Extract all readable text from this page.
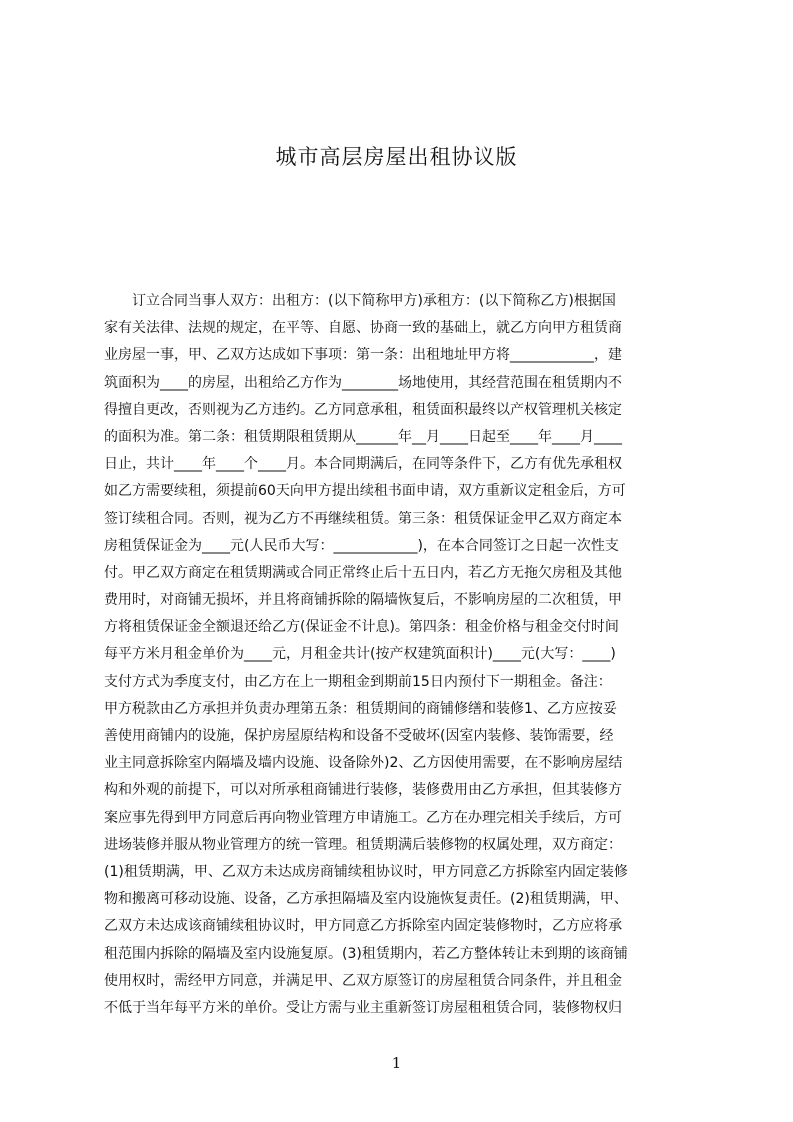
城市高层房屋出租协议版
　　订立合同当事人双方：出租方：(以下简称甲方)承租方：(以下简称乙方)根据国
家有关法律、法规的规定，在平等、自愿、协商一致的基础上，就乙方向甲方租赁商
业房屋一事，甲、乙双方达成如下事项：第一条：出租地址甲方将____________，建
筑面积为____的房屋，出租给乙方作为________场地使用，其经营范围在租赁期内不
得擅自更改，否则视为乙方违约。乙方同意承租，租赁面积最终以产权管理机关核定
的面积为准。第二条：租赁期限租赁期从______年__月____日起至____年____月____
日止，共计____年____个____月。本合同期满后，在同等条件下，乙方有优先承租权
如乙方需要续租，须提前60天向甲方提出续租书面申请，双方重新议定租金后，方可
签订续租合同。否则，视为乙方不再继续租赁。第三条：租赁保证金甲乙双方商定本
房租赁保证金为____元(人民币大写：____________)，在本合同签订之日起一次性支
付。甲乙双方商定在租赁期满或合同正常终止后十五日内，若乙方无拖欠房租及其他
费用时，对商铺无损坏，并且将商铺拆除的隔墙恢复后，不影响房屋的二次租赁，甲
方将租赁保证金全额退还给乙方(保证金不计息)。第四条：租金价格与租金交付时间
每平方米月租金单价为____元，月租金共计(按产权建筑面积计)____元(大写：____)
支付方式为季度支付，由乙方在上一期租金到期前15日内预付下一期租金。备注：
甲方税款由乙方承担并负责办理第五条：租赁期间的商铺修缮和装修1、乙方应按妥
善使用商铺内的设施，保护房屋原结构和设备不受破坏(因室内装修、装饰需要，经
业主同意拆除室内隔墙及墙内设施、设备除外)2、乙方因使用需要，在不影响房屋结
构和外观的前提下，可以对所承租商铺进行装修，装修费用由乙方承担，但其装修方
案应事先得到甲方同意后再向物业管理方申请施工。乙方在办理完相关手续后，方可
进场装修并服从物业管理方的统一管理。租赁期满后装修物的权属处理，双方商定：
(1)租赁期满，甲、乙双方未达成房商铺续租协议时，甲方同意乙方拆除室内固定装修
物和搬离可移动设施、设备，乙方承担隔墙及室内设施恢复责任。(2)租赁期满，甲、
乙双方未达成该商铺续租协议时，甲方同意乙方拆除室内固定装修物时，乙方应将承
租范围内拆除的隔墙及室内设施复原。(3)租赁期内，若乙方整体转让未到期的该商铺
使用权时，需经甲方同意，并满足甲、乙双方原签订的房屋租赁合同条件，并且租金
不低于当年每平方米的单价。受让方需与业主重新签订房屋租租赁合同，装修物权归
1
